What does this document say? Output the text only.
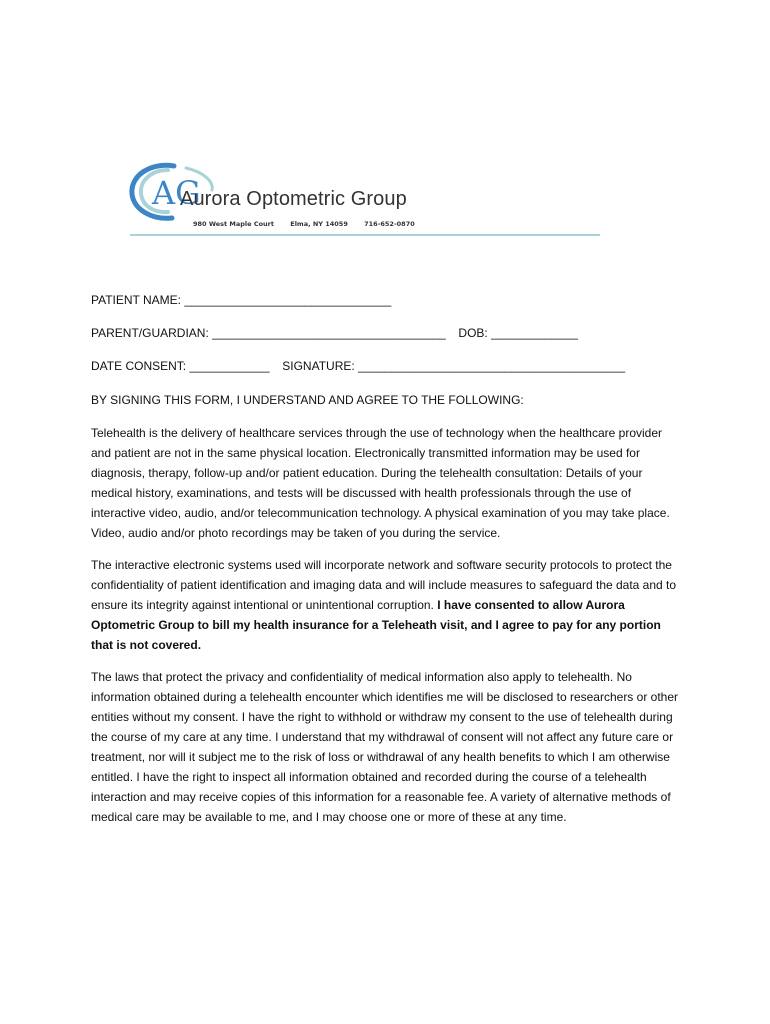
AG
Aurora Optometric Group
980 West Maple Court	Elma, NY 14059	716-652-0870
PATIENT NAME: _______________________________
PARENT/GUARDIAN: ___________________________________ DOB: _____________
DATE CONSENT: ____________ SIGNATURE: ________________________________________
BY SIGNING THIS FORM, I UNDERSTAND AND AGREE TO THE FOLLOWING:

Telehealth is the delivery of healthcare services through the use of technology when the healthcare provider and patient are not in the same physical location. Electronically transmitted information may be used for diagnosis, therapy, follow-up and/or patient education. During the telehealth consultation: Details of your medical history, examinations, and tests will be discussed with health professionals through the use of interactive video, audio, and/or telecommunication technology. A physical examination of you may take place. Video, audio and/or photo recordings may be taken of you during the service.

The interactive electronic systems used will incorporate network and software security protocols to protect the confidentiality of patient identification and imaging data and will include measures to safeguard the data and to ensure its integrity against intentional or unintentional corruption. I have consented to allow Aurora Optometric Group to bill my health insurance for a Teleheath visit, and I agree to pay for any portion that is not covered.

The laws that protect the privacy and confidentiality of medical information also apply to telehealth. No information obtained during a telehealth encounter which identifies me will be disclosed to researchers or other entities without my consent. I have the right to withhold or withdraw my consent to the use of telehealth during the course of my care at any time. I understand that my withdrawal of consent will not affect any future care or treatment, nor will it subject me to the risk of loss or withdrawal of any health benefits to which I am otherwise entitled. I have the right to inspect all information obtained and recorded during the course of a telehealth interaction and may receive copies of this information for a reasonable fee. A variety of alternative methods of medical care may be available to me, and I may choose one or more of these at any time.
